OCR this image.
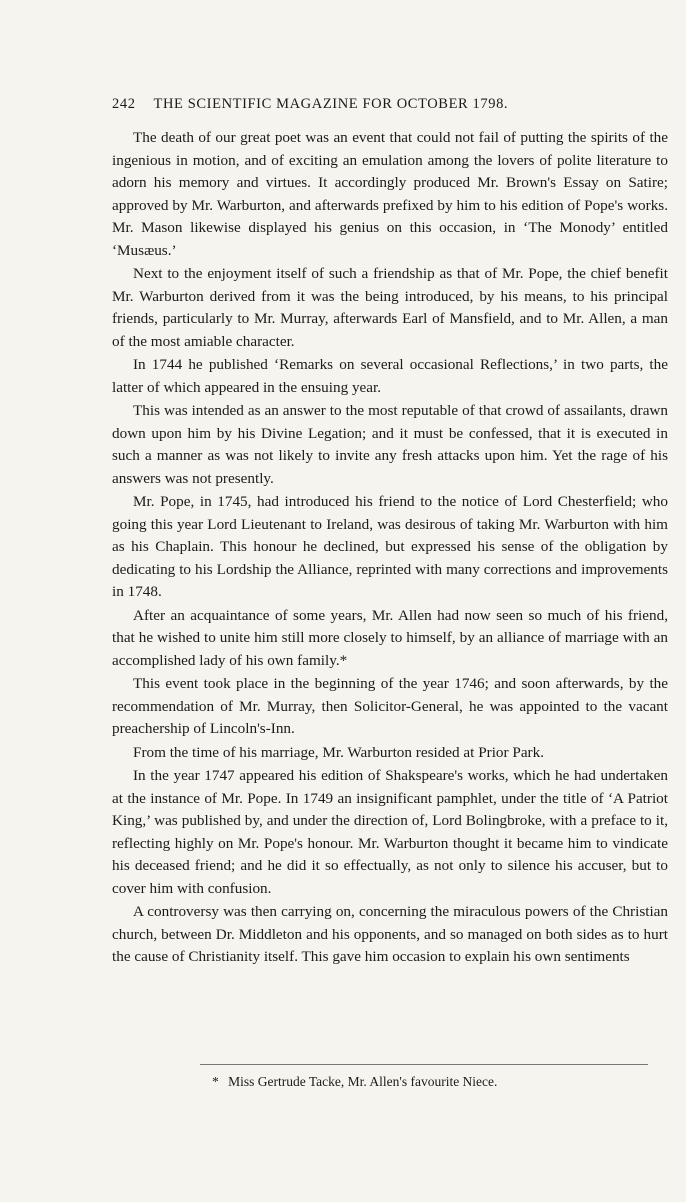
242 THE SCIENTIFIC MAGAZINE FOR OCTOBER 1798.

The death of our great poet was an event that could not fail of putting the spirits of the ingenious in motion, and of exciting an emulation among the lovers of polite literature to adorn his memory and virtues. It accordingly produced Mr. Brown's Essay on Satire; approved by Mr. Warburton, and afterwards prefixed by him to his edition of Pope's works. Mr. Mason likewise displayed his genius on this occasion, in ‘The Monody’ entitled ‘Musæus.’

Next to the enjoyment itself of such a friendship as that of Mr. Pope, the chief benefit Mr. Warburton derived from it was the being introduced, by his means, to his principal friends, particularly to Mr. Murray, afterwards Earl of Mansfield, and to Mr. Allen, a man of the most amiable character.

In 1744 he published ‘Remarks on several occasional Reflections,’ in two parts, the latter of which appeared in the ensuing year.

This was intended as an answer to the most reputable of that crowd of assailants, drawn down upon him by his Divine Legation; and it must be confessed, that it is executed in such a manner as was not likely to invite any fresh attacks upon him. Yet the rage of his answers was not presently.

Mr. Pope, in 1745, had introduced his friend to the notice of Lord Chesterfield; who going this year Lord Lieutenant to Ireland, was desirous of taking Mr. Warburton with him as his Chaplain. This honour he declined, but expressed his sense of the obligation by dedicating to his Lordship the Alliance, reprinted with many corrections and improvements in 1748.

After an acquaintance of some years, Mr. Allen had now seen so much of his friend, that he wished to unite him still more closely to himself, by an alliance of marriage with an accomplished lady of his own family.*

This event took place in the beginning of the year 1746; and soon afterwards, by the recommendation of Mr. Murray, then Solicitor-General, he was appointed to the vacant preachership of Lincoln's-Inn.

From the time of his marriage, Mr. Warburton resided at Prior Park.

In the year 1747 appeared his edition of Shakspeare's works, which he had undertaken at the instance of Mr. Pope. In 1749 an insignificant pamphlet, under the title of ‘A Patriot King,’ was published by, and under the direction of, Lord Bolingbroke, with a preface to it, reflecting highly on Mr. Pope's honour. Mr. Warburton thought it became him to vindicate his deceased friend; and he did it so effectually, as not only to silence his accuser, but to cover him with confusion.

A controversy was then carrying on, concerning the miraculous powers of the Christian church, between Dr. Middleton and his opponents, and so managed on both sides as to hurt the cause of Christianity itself. This gave him occasion to explain his own sentiments

* Miss Gertrude Tacke, Mr. Allen's favourite Niece.
